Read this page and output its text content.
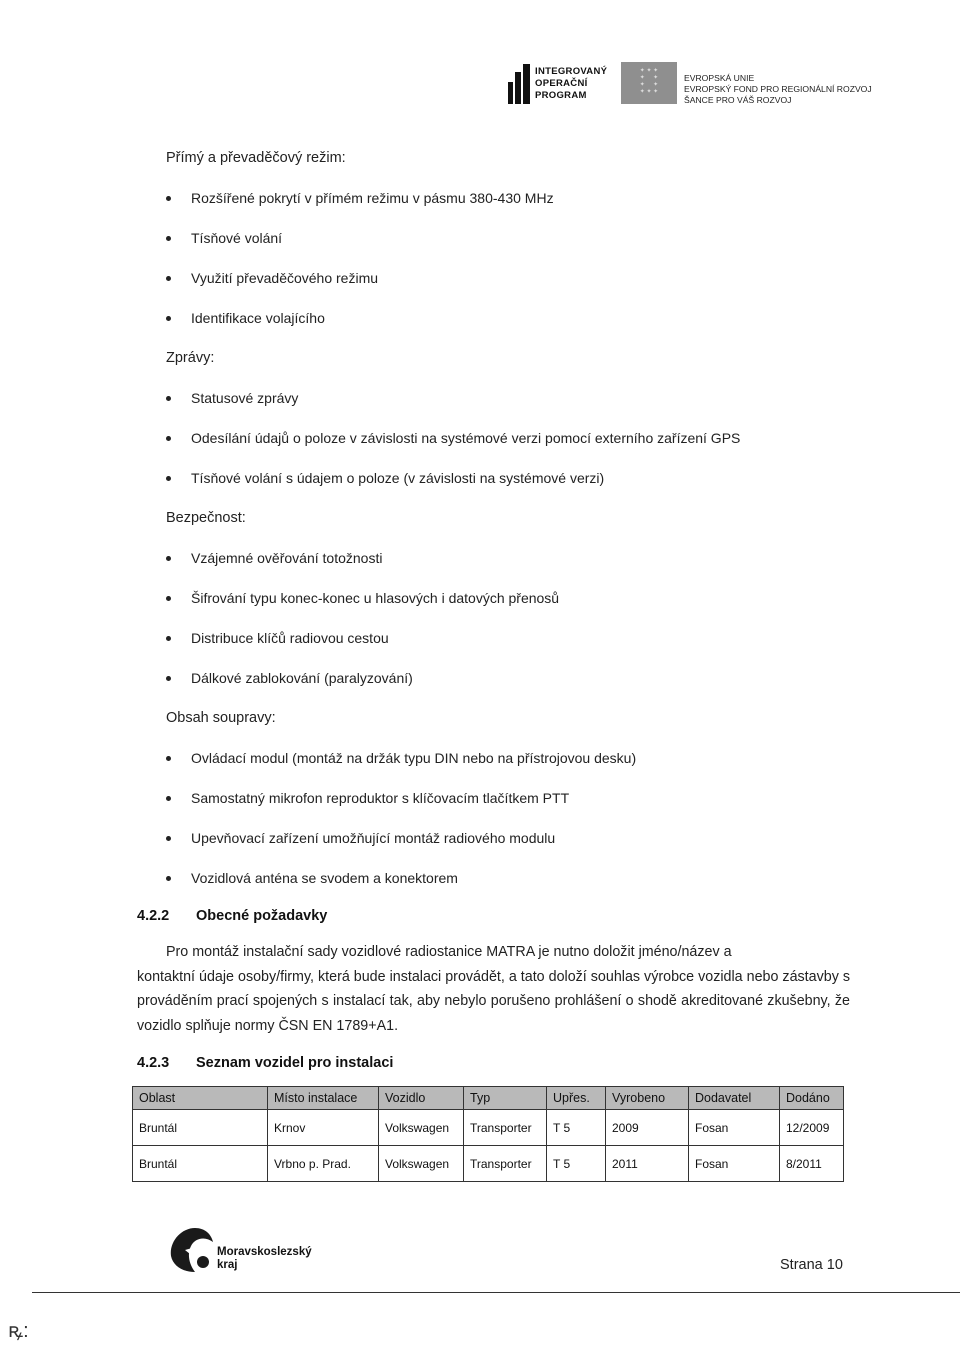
INTEGROVANÝ
OPERAČNÍ
PROGRAM
✦ ✦ ✦
✦     ✦
✦     ✦
✦ ✦ ✦
EVROPSKÁ UNIE
EVROPSKÝ FOND PRO REGIONÁLNÍ ROZVOJ
ŠANCE PRO VÁŠ ROZVOJ
Přímý a převaděčový režim:
Rozšířené pokrytí v přímém režimu v pásmu 380-430 MHz
Tísňové volání
Využití převaděčového režimu
Identifikace volajícího
Zprávy:
Statusové zprávy
Odesílání údajů o poloze v závislosti na systémové verzi pomocí externího zařízení GPS
Tísňové volání s údajem o poloze (v závislosti na systémové verzi)
Bezpečnost:
Vzájemné ověřování totožnosti
Šifrování typu konec-konec u hlasových i datových přenosů
Distribuce klíčů radiovou cestou
Dálkové zablokování (paralyzování)
Obsah soupravy:
Ovládací modul (montáž na držák typu DIN nebo na přístrojovou desku)
Samostatný mikrofon reproduktor s klíčovacím tlačítkem PTT
Upevňovací zařízení umožňující montáž radiového modulu
Vozidlová anténa se svodem a konektorem
4.2.2 Obecné požadavky

Pro montáž instalační sady vozidlové radiostanice MATRA je nutno doložit jméno/název a

kontaktní údaje osoby/firmy, která bude instalaci provádět, a tato doloží souhlas výrobce vozidla nebo zástavby s prováděním prací spojených s instalací tak, aby nebylo porušeno prohlášení o shodě akreditované zkušebny, že vozidlo splňuje normy ČSN EN 1789+A1.

4.2.3 Seznam vozidel pro instalaci
Oblast	Místo instalace	Vozidlo	Typ	Upřes.	Vyrobeno	Dodavatel	Dodáno
Bruntál	Krnov	Volkswagen	Transporter	T 5	2009	Fosan	12/2009
Bruntál	Vrbno p. Prad.	Volkswagen	Transporter	T 5	2011	Fosan	8/2011
Moravskoslezský
kraj	Strana 10
ꝶ:
